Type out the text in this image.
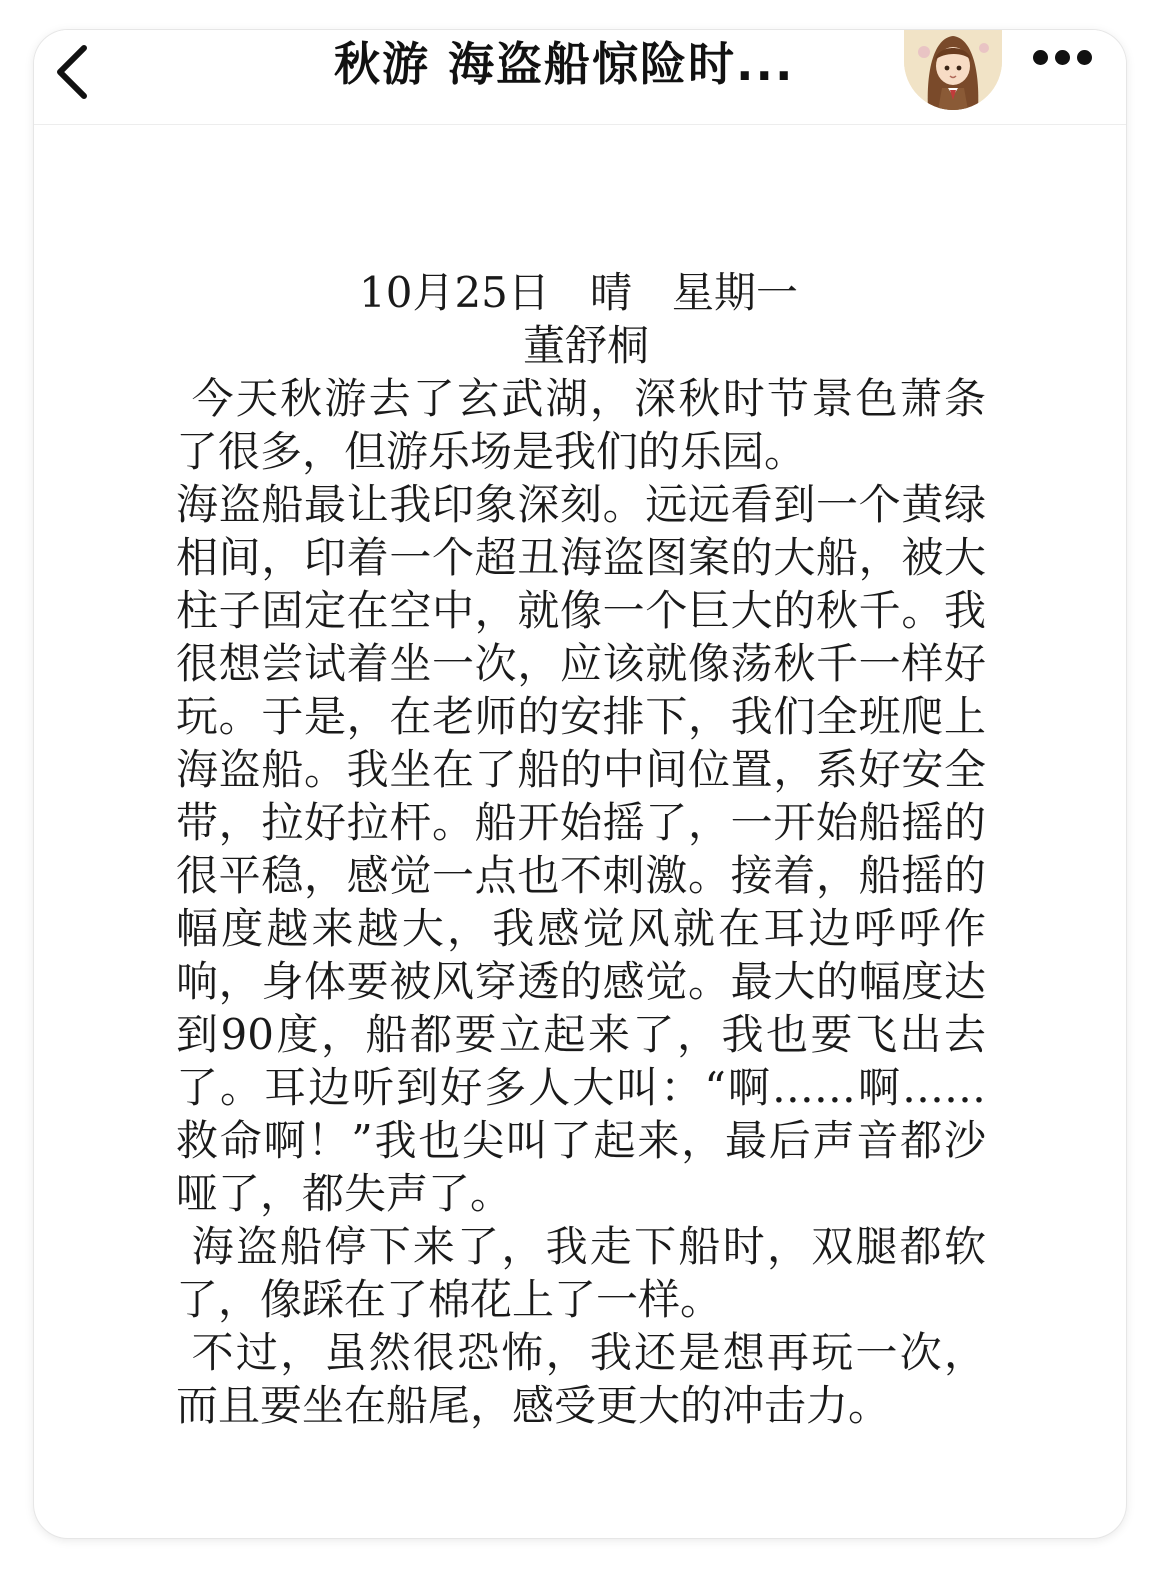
秋游 海盗船惊险时...
10月25日   晴   星期一
董舒桐

今天秋游去了玄武湖，深秋时节景色萧条了很多，但游乐场是我们的乐园。

海盗船最让我印象深刻。远远看到一个黄绿相间，印着一个超丑海盗图案的大船，被大柱子固定在空中，就像一个巨大的秋千。我很想尝试着坐一次，应该就像荡秋千一样好玩。于是，在老师的安排下，我们全班爬上海盗船。我坐在了船的中间位置，系好安全带，拉好拉杆。船开始摇了，一开始船摇的很平稳，感觉一点也不刺激。接着，船摇的幅度越来越大，我感觉风就在耳边呼呼作响，身体要被风穿透的感觉。最大的幅度达到90度，船都要立起来了，我也要飞出去了。耳边听到好多人大叫：“啊……啊……救命啊！”我也尖叫了起来，最后声音都沙哑了，都失声了。

海盗船停下来了，我走下船时，双腿都软了，像踩在了棉花上了一样。

不过，虽然很恐怖，我还是想再玩一次，而且要坐在船尾，感受更大的冲击力。
